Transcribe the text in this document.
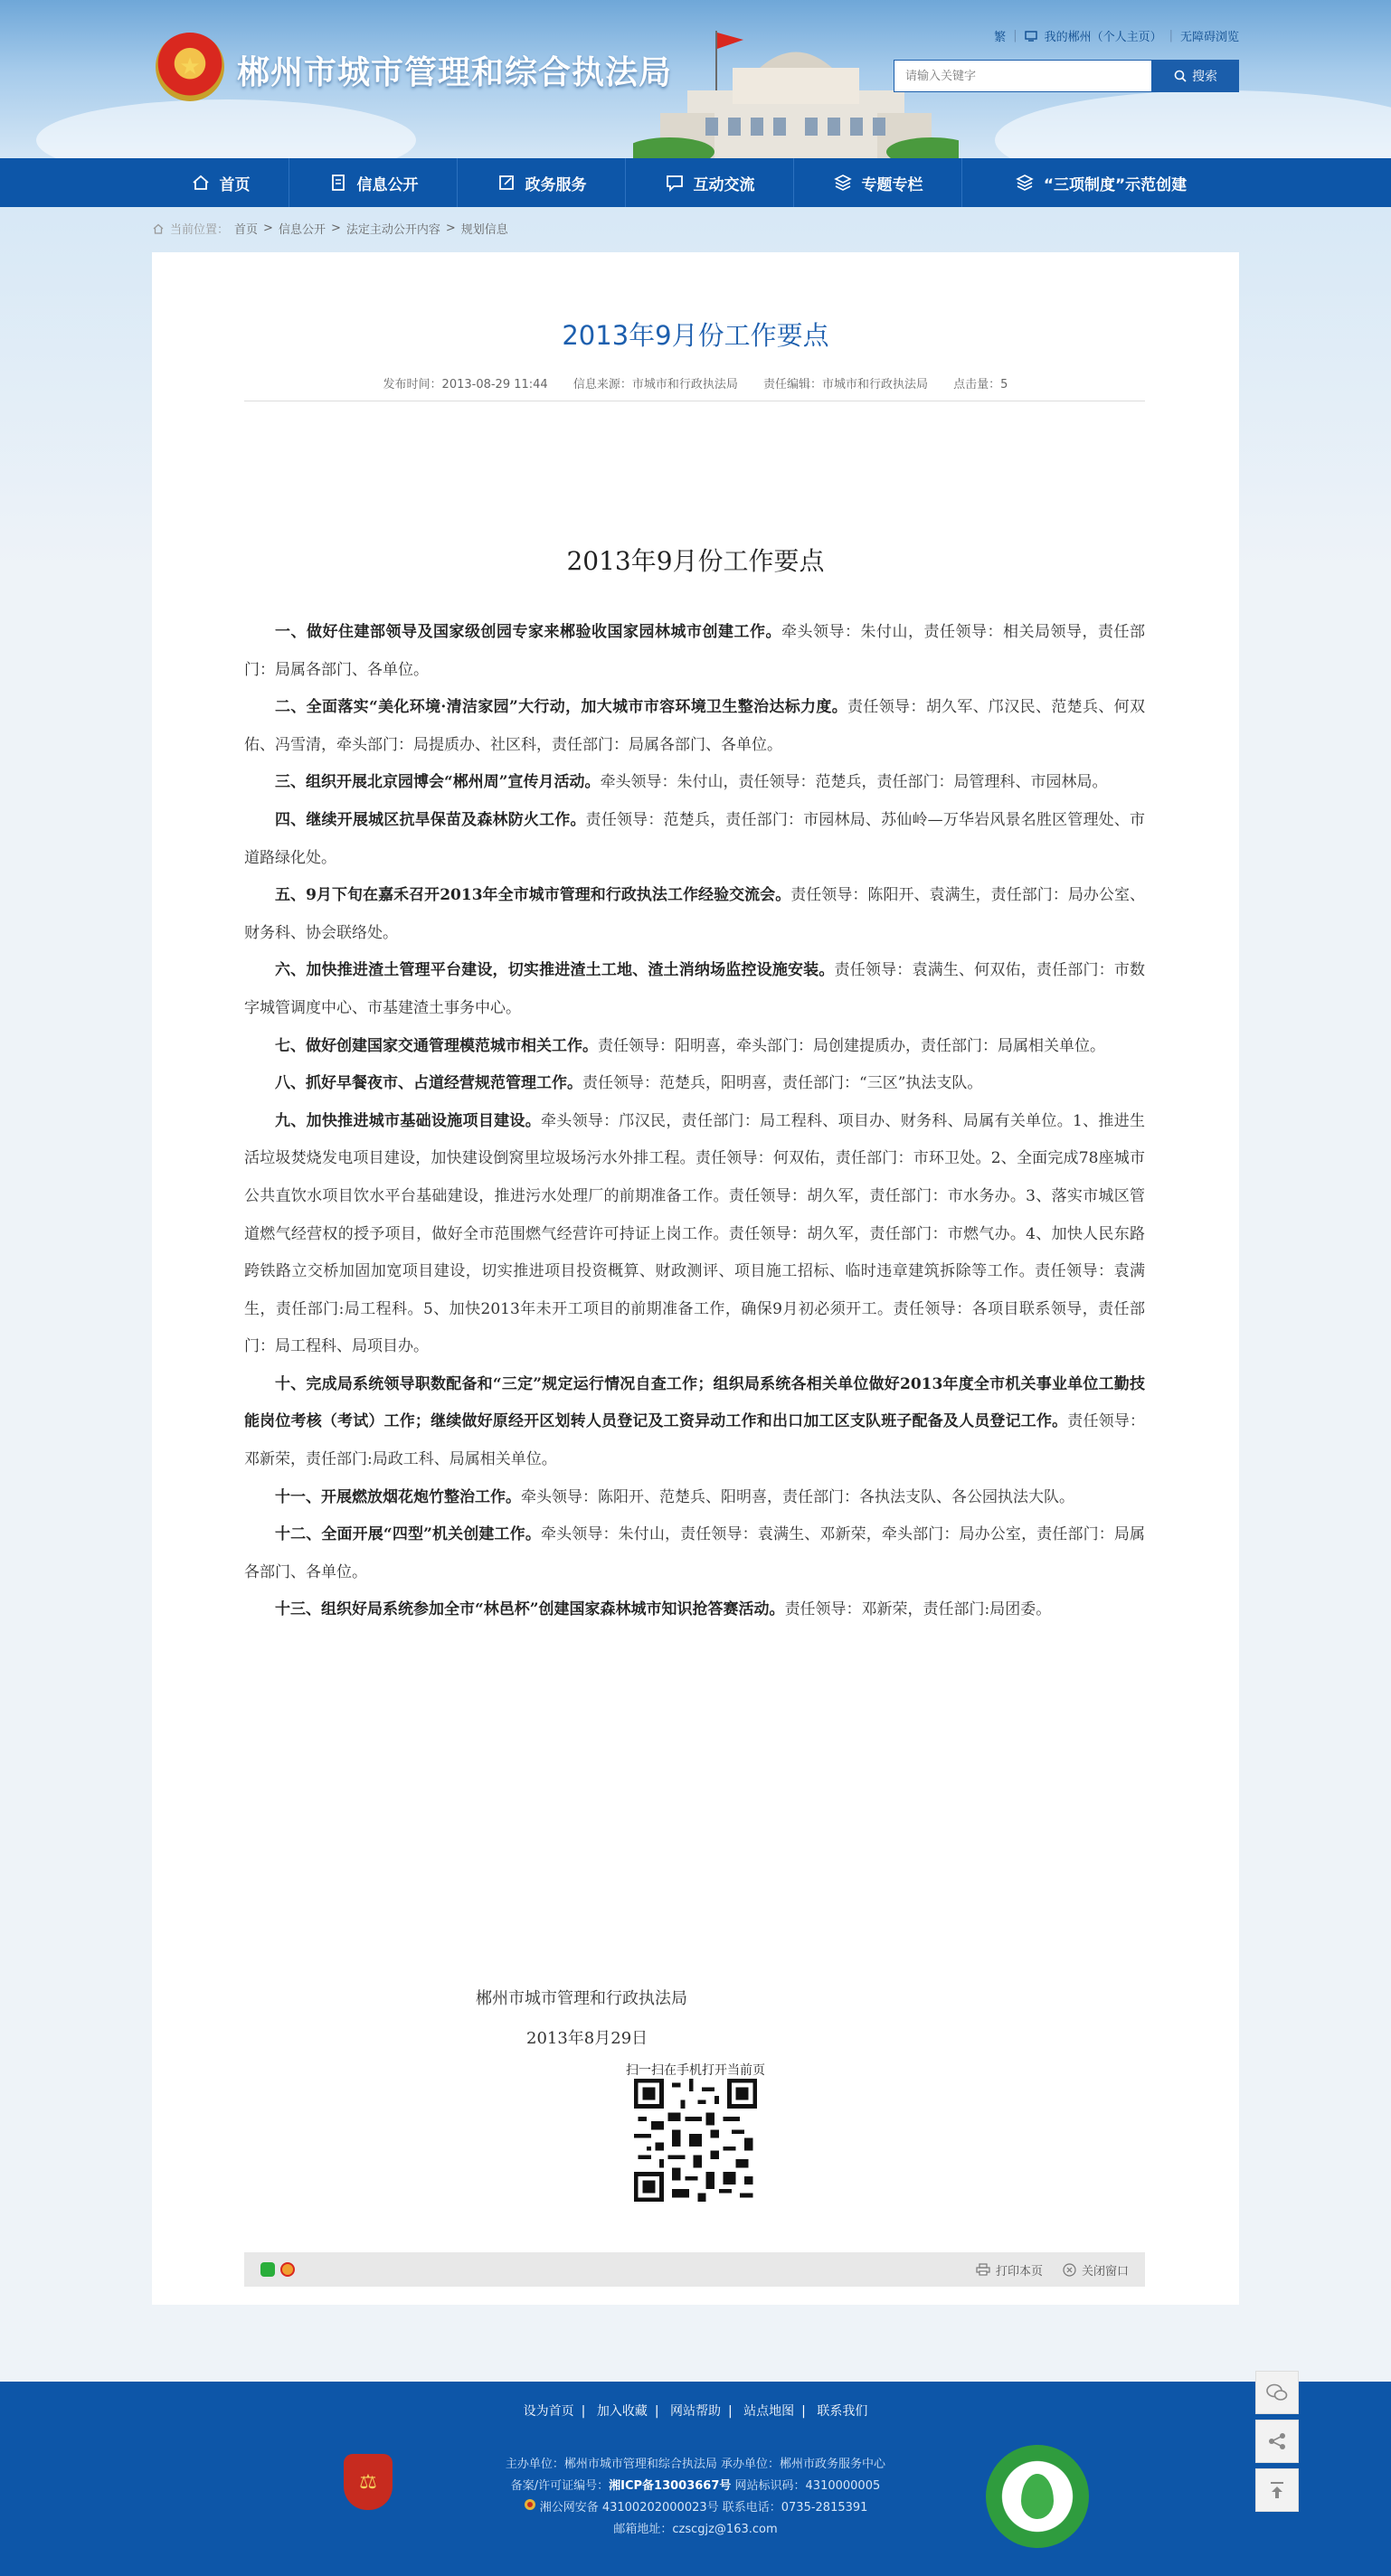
★	郴州市城市管理和综合执法局
繁 | 我的郴州（个人主页） | 无障碍浏览
请输入关键字
搜索
首页	信息公开	政务服务	互动交流	专题专栏	“三项制度”示范创建
当前位置： 首页 > 信息公开 > 法定主动公开内容 > 规划信息
2013年9月份工作要点
发布时间：2013-08-29 11:44 信息来源：市城市和行政执法局 责任编辑：市城市和行政执法局 点击量：5
2013年9月份工作要点

一、做好住建部领导及国家级创园专家来郴验收国家园林城市创建工作。牵头领导：朱付山，责任领导：相关局领导，责任部门：局属各部门、各单位。

二、全面落实“美化环境·清洁家园”大行动，加大城市市容环境卫生整治达标力度。责任领导：胡久军、邝汉民、范楚兵、何双佑、冯雪清，牵头部门：局提质办、社区科，责任部门：局属各部门、各单位。

三、组织开展北京园博会“郴州周”宣传月活动。牵头领导：朱付山，责任领导：范楚兵，责任部门：局管理科、市园林局。

四、继续开展城区抗旱保苗及森林防火工作。责任领导：范楚兵，责任部门：市园林局、苏仙岭—万华岩风景名胜区管理处、市道路绿化处。

五、9月下旬在嘉禾召开2013年全市城市管理和行政执法工作经验交流会。责任领导：陈阳开、袁满生，责任部门：局办公室、财务科、协会联络处。

六、加快推进渣土管理平台建设，切实推进渣土工地、渣土消纳场监控设施安装。责任领导：袁满生、何双佑，责任部门：市数字城管调度中心、市基建渣土事务中心。

七、做好创建国家交通管理模范城市相关工作。责任领导：阳明喜，牵头部门：局创建提质办，责任部门：局属相关单位。

八、抓好早餐夜市、占道经营规范管理工作。责任领导：范楚兵，阳明喜，责任部门：“三区”执法支队。

九、加快推进城市基础设施项目建设。牵头领导：邝汉民，责任部门：局工程科、项目办、财务科、局属有关单位。1、推进生活垃圾焚烧发电项目建设，加快建设倒窝里垃圾场污水外排工程。责任领导：何双佑，责任部门：市环卫处。2、全面完成78座城市公共直饮水项目饮水平台基础建设，推进污水处理厂的前期准备工作。责任领导：胡久军，责任部门：市水务办。3、落实市城区管道燃气经营权的授予项目，做好全市范围燃气经营许可持证上岗工作。责任领导：胡久军，责任部门：市燃气办。4、加快人民东路跨铁路立交桥加固加宽项目建设，切实推进项目投资概算、财政测评、项目施工招标、临时违章建筑拆除等工作。责任领导：袁满生，责任部门:局工程科。5、加快2013年未开工项目的前期准备工作，确保9月初必须开工。责任领导：各项目联系领导，责任部门：局工程科、局项目办。

十、完成局系统领导职数配备和“三定”规定运行情况自查工作；组织局系统各相关单位做好2013年度全市机关事业单位工勤技能岗位考核（考试）工作；继续做好原经开区划转人员登记及工资异动工作和出口加工区支队班子配备及人员登记工作。责任领导：邓新荣，责任部门:局政工科、局属相关单位。

十一、开展燃放烟花炮竹整治工作。牵头领导：陈阳开、范楚兵、阳明喜，责任部门：各执法支队、各公园执法大队。

十二、全面开展“四型”机关创建工作。牵头领导：朱付山，责任领导：袁满生、邓新荣，牵头部门：局办公室，责任部门：局属各部门、各单位。

十三、组织好局系统参加全市“林邑杯”创建国家森林城市知识抢答赛活动。责任领导：邓新荣，责任部门:局团委。

郴州市城市管理和行政执法局
2013年8月29日
扫一扫在手机打开当前页
打印本页	关闭窗口
设为首页 | 加入收藏 | 网站帮助 | 站点地图 | 联系我们
⚖
主办单位：郴州市城市管理和综合执法局 承办单位：郴州市政务服务中心
备案/许可证编号：湘ICP备13003667号 网站标识码：4310000005
湘公网安备 43100202000023号 联系电话：0735-2815391
邮箱地址：czscgjz@163.com
